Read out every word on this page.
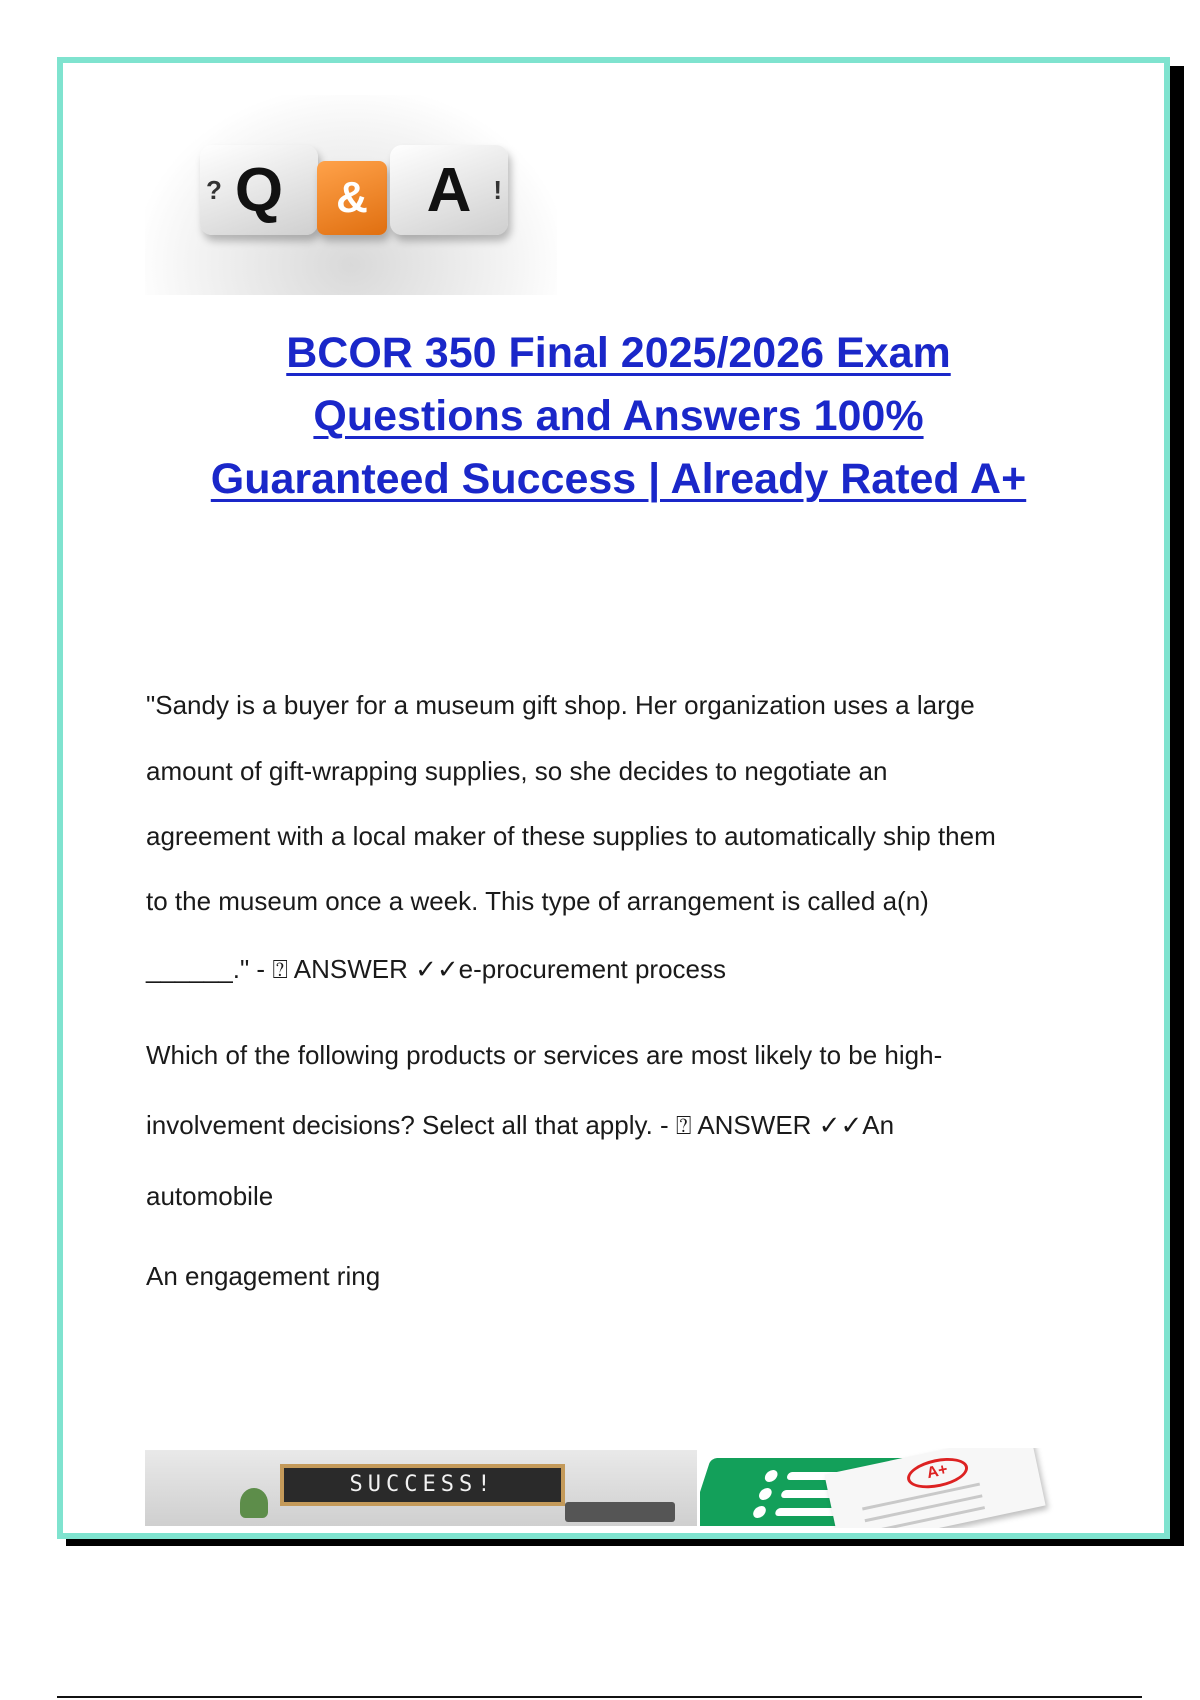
? Q & A !
BCOR 350 Final 2025/2026 Exam
Questions and Answers 100%
Guaranteed Success | Already Rated A+
"Sandy is a buyer for a museum gift shop. Her organization uses a large
amount of gift-wrapping supplies, so she decides to negotiate an
agreement with a local maker of these supplies to automatically ship them
to the museum once a week. This type of arrangement is called a(n)
______." - ⍰ ANSWER ✓✓e-procurement process
Which of the following products or services are most likely to be high-
involvement decisions? Select all that apply. - ⍰ ANSWER ✓✓An
automobile
An engagement ring
SUCCESS!
A+
